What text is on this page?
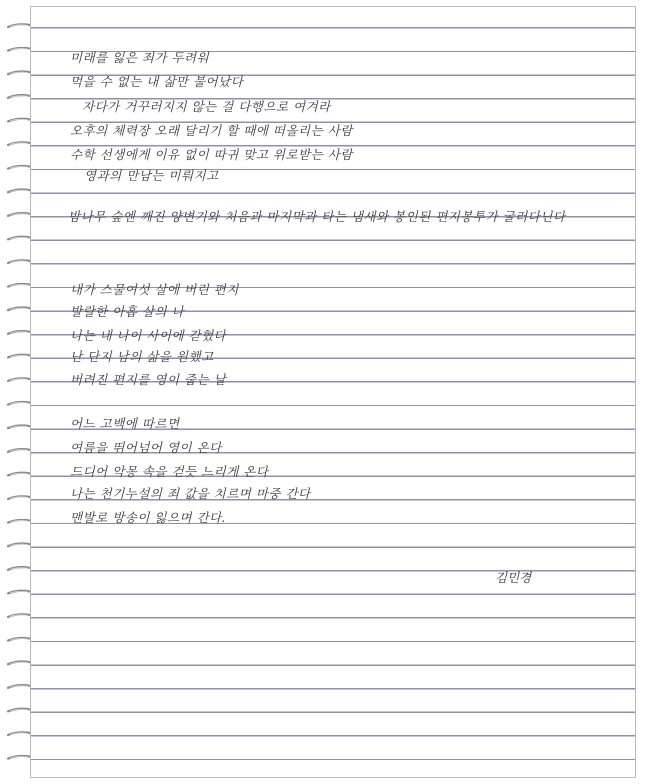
미래를 잃은 죄가 두려워
먹을 수 없는 내 삶만 불어났다
자다가 거꾸러지지 않는 걸 다행으로 여겨라
오후의 체력장 오래 달리기 할 때에 떠올리는 사람
수학 선생에게 이유 없이 따귀 맞고 위로받는 사람
영과의 만남는 미뤄지고
밤나무 숲엔 깨진 양변기와 처음과 마지막과 타는 냄새와 봉인된 편지봉투가 굴러다닌다
내가 스물여섯 살에 버린 편지
발랄한 아홉 살의 나
나는 내 나이 사이에 갇혔다
난 단지 남의 삶을 원했고
버려진 편지를 영이 줍는 날
어느 고백에 따르면
여름을 뛰어넘어 영이 온다
드디어 악몽 속을 걷듯 느리게 온다
나는 천기누설의 죄 값을 치르며 마중 간다
맨발로 방송이 잃으며 간다.
김민경
